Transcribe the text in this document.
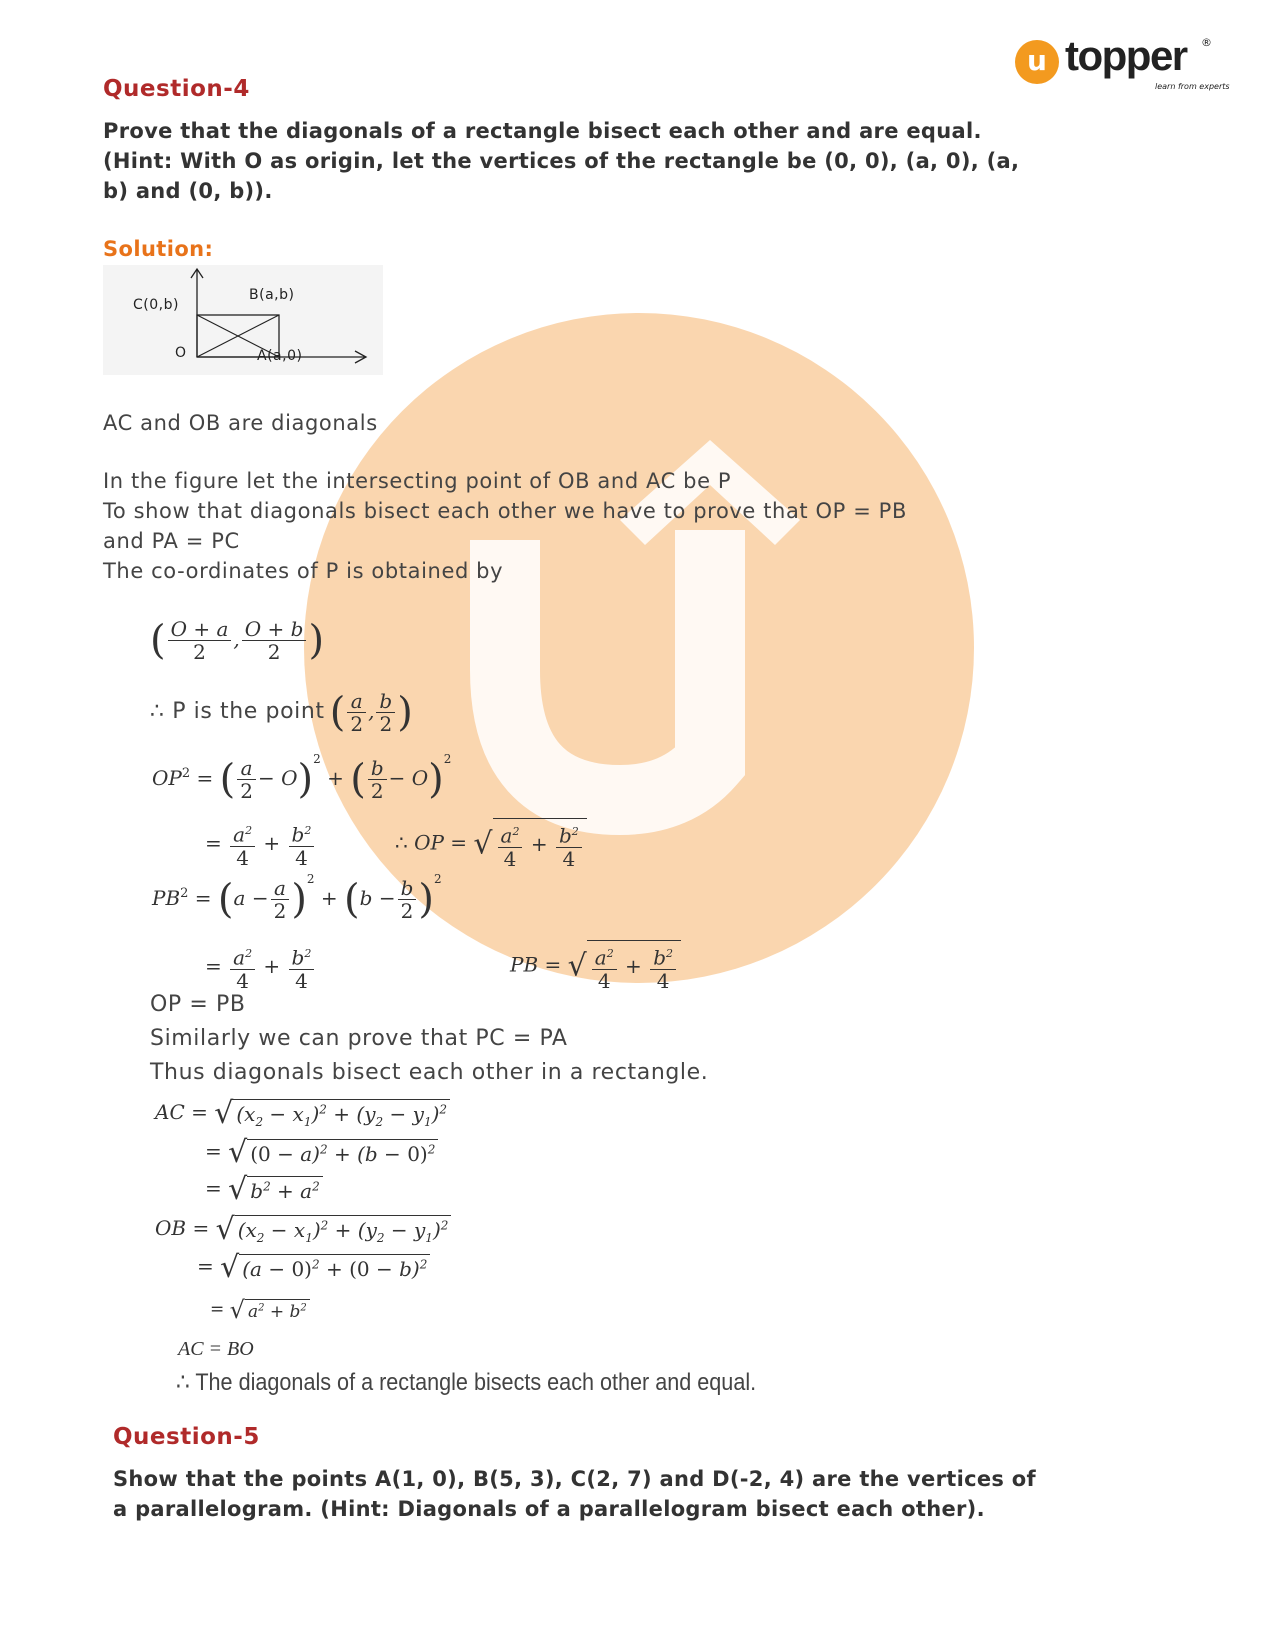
u topper ®
learn from experts
Question-4
Prove that the diagonals of a rectangle bisect each other and are equal.
(Hint: With O as origin, let the vertices of the rectangle be (0, 0), (a, 0), (a,
b) and (0, b)).
Solution:
C(0,b)
B(a,b)
O	A(a,0)
AC and OB are diagonals
In the figure let the intersecting point of OB and AC be P
To show that diagonals bisect each other we have to prove that OP = PB
and PA = PC
The co-ordinates of P is obtained by
( $\frac{O + a}{2}$ , $\frac{O + b}{2}$ )
∴ P is the point ( $\frac{a}{2}$ , $\frac{b}{2}$ )
$OP^2$ = ( $\frac{a}{2} - O)^2$ + ( $\frac{b}{2} - O)^2$
= $\frac{a^2}{4} + \frac{b^2}{4}$	∴ OP = √ $\frac{a^2}{4} + \frac{b^2}{4}$
$PB^2 = (a - \frac{a}{2} )^2 + (b - \frac{b}{2} )^2$
= $\frac{a^2}{4} + \frac{b^2}{4}$	PB = √ $\frac{a^2}{4} + \frac{b^2}{4}$
OP = PB
Similarly we can prove that PC = PA
Thus diagonals bisect each other in a rectangle.
AC = √ $(x_2 - x_1)^2 + (y_2 - y_1)^2$
= √ $(0 - a)^2 + (b - 0)^2$
= √ $b^2 + a^2$
OB = √ $(x_2 - x_1)^2 + (y_2 - y_1)^2$
= √ $(a - 0)^2 + (0 - b)^2$
= √ $a^2 + b^2$
AC = BO
∴ The diagonals of a rectangle bisects each other and equal.
Question-5
Show that the points A(1, 0), B(5, 3), C(2, 7) and D(-2, 4) are the vertices of
a parallelogram. (Hint: Diagonals of a parallelogram bisect each other).
